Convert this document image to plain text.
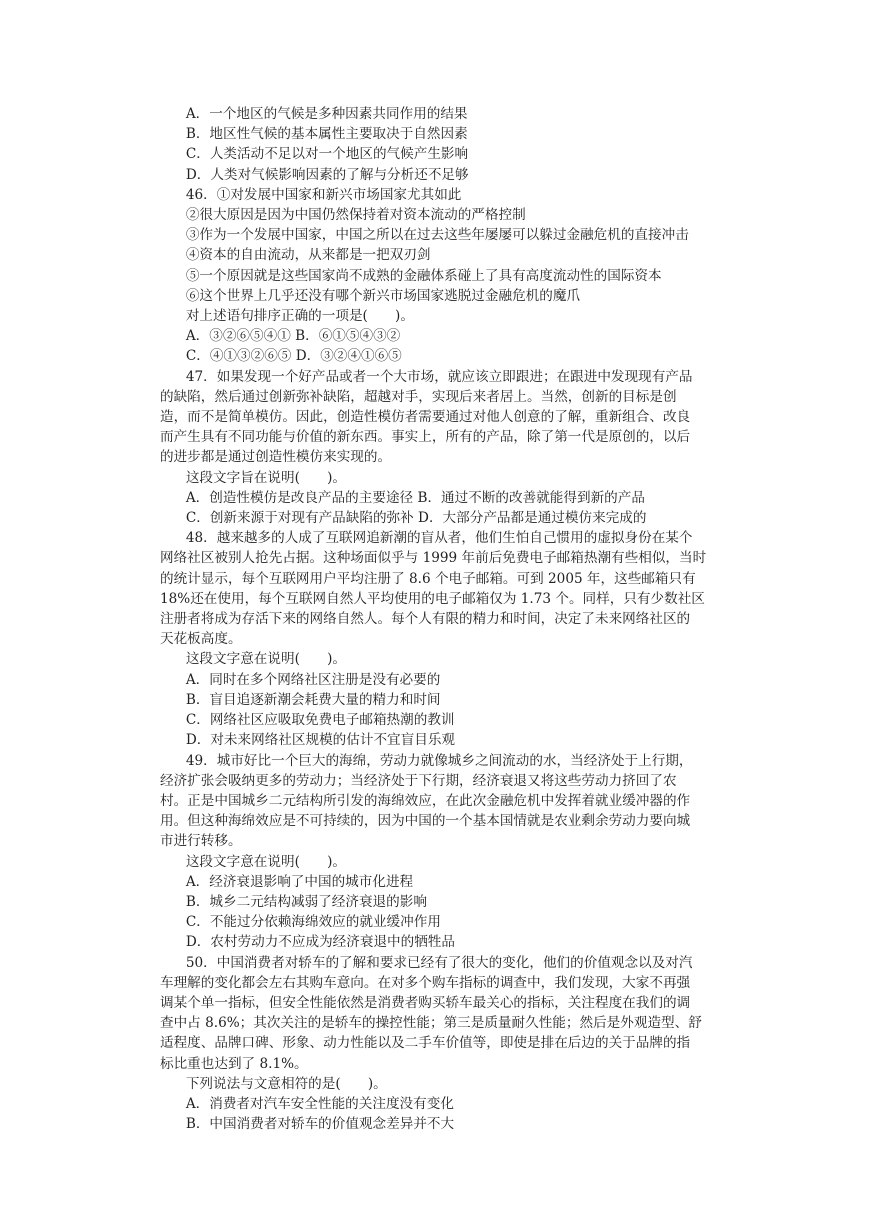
A．一个地区的气候是多种因素共同作用的结果
B．地区性气候的基本属性主要取决于自然因素
C．人类活动不足以对一个地区的气候产生影响
D．人类对气候影响因素的了解与分析还不足够
46．①对发展中国家和新兴市场国家尤其如此
②很大原因是因为中国仍然保持着对资本流动的严格控制
③作为一个发展中国家，中国之所以在过去这些年屡屡可以躲过金融危机的直接冲击
④资本的自由流动，从来都是一把双刃剑
⑤一个原因就是这些国家尚不成熟的金融体系碰上了具有高度流动性的国际资本
⑥这个世界上几乎还没有哪个新兴市场国家逃脱过金融危机的魔爪
对上述语句排序正确的一项是(　　)。
A．③②⑥⑤④① B．⑥①⑤④③②
C．④①③②⑥⑤ D．③②④①⑥⑤
47．如果发现一个好产品或者一个大市场，就应该立即跟进；在跟进中发现现有产品
的缺陷，然后通过创新弥补缺陷，超越对手，实现后来者居上。当然，创新的目标是创
造，而不是简单模仿。因此，创造性模仿者需要通过对他人创意的了解，重新组合、改良
而产生具有不同功能与价值的新东西。事实上，所有的产品，除了第一代是原创的，以后
的进步都是通过创造性模仿来实现的。
这段文字旨在说明(　　)。
A．创造性模仿是改良产品的主要途径 B．通过不断的改善就能得到新的产品
C．创新来源于对现有产品缺陷的弥补 D．大部分产品都是通过模仿来完成的
48．越来越多的人成了互联网追新潮的盲从者，他们生怕自己惯用的虚拟身份在某个
网络社区被别人抢先占据。这种场面似乎与 1999 年前后免费电子邮箱热潮有些相似，当时
的统计显示，每个互联网用户平均注册了 8.6 个电子邮箱。可到 2005 年，这些邮箱只有
18%还在使用，每个互联网自然人平均使用的电子邮箱仅为 1.73 个。同样，只有少数社区
注册者将成为存活下来的网络自然人。每个人有限的精力和时间，决定了未来网络社区的
天花板高度。
这段文字意在说明(　　)。
A．同时在多个网络社区注册是没有必要的
B．盲目追逐新潮会耗费大量的精力和时间
C．网络社区应吸取免费电子邮箱热潮的教训
D．对未来网络社区规模的估计不宜盲目乐观
49．城市好比一个巨大的海绵，劳动力就像城乡之间流动的水，当经济处于上行期，
经济扩张会吸纳更多的劳动力；当经济处于下行期，经济衰退又将这些劳动力挤回了农
村。正是中国城乡二元结构所引发的海绵效应，在此次金融危机中发挥着就业缓冲器的作
用。但这种海绵效应是不可持续的，因为中国的一个基本国情就是农业剩余劳动力要向城
市进行转移。
这段文字意在说明(　　)。
A．经济衰退影响了中国的城市化进程
B．城乡二元结构减弱了经济衰退的影响
C．不能过分依赖海绵效应的就业缓冲作用
D．农村劳动力不应成为经济衰退中的牺牲品
50．中国消费者对轿车的了解和要求已经有了很大的变化，他们的价值观念以及对汽
车理解的变化都会左右其购车意向。在对多个购车指标的调查中，我们发现，大家不再强
调某个单一指标，但安全性能依然是消费者购买轿车最关心的指标，关注程度在我们的调
查中占 8.6%；其次关注的是轿车的操控性能；第三是质量耐久性能；然后是外观造型、舒
适程度、品牌口碑、形象、动力性能以及二手车价值等，即使是排在后边的关于品牌的指
标比重也达到了 8.1%。
下列说法与文意相符的是(　　)。
A．消费者对汽车安全性能的关注度没有变化
B．中国消费者对轿车的价值观念差异并不大
